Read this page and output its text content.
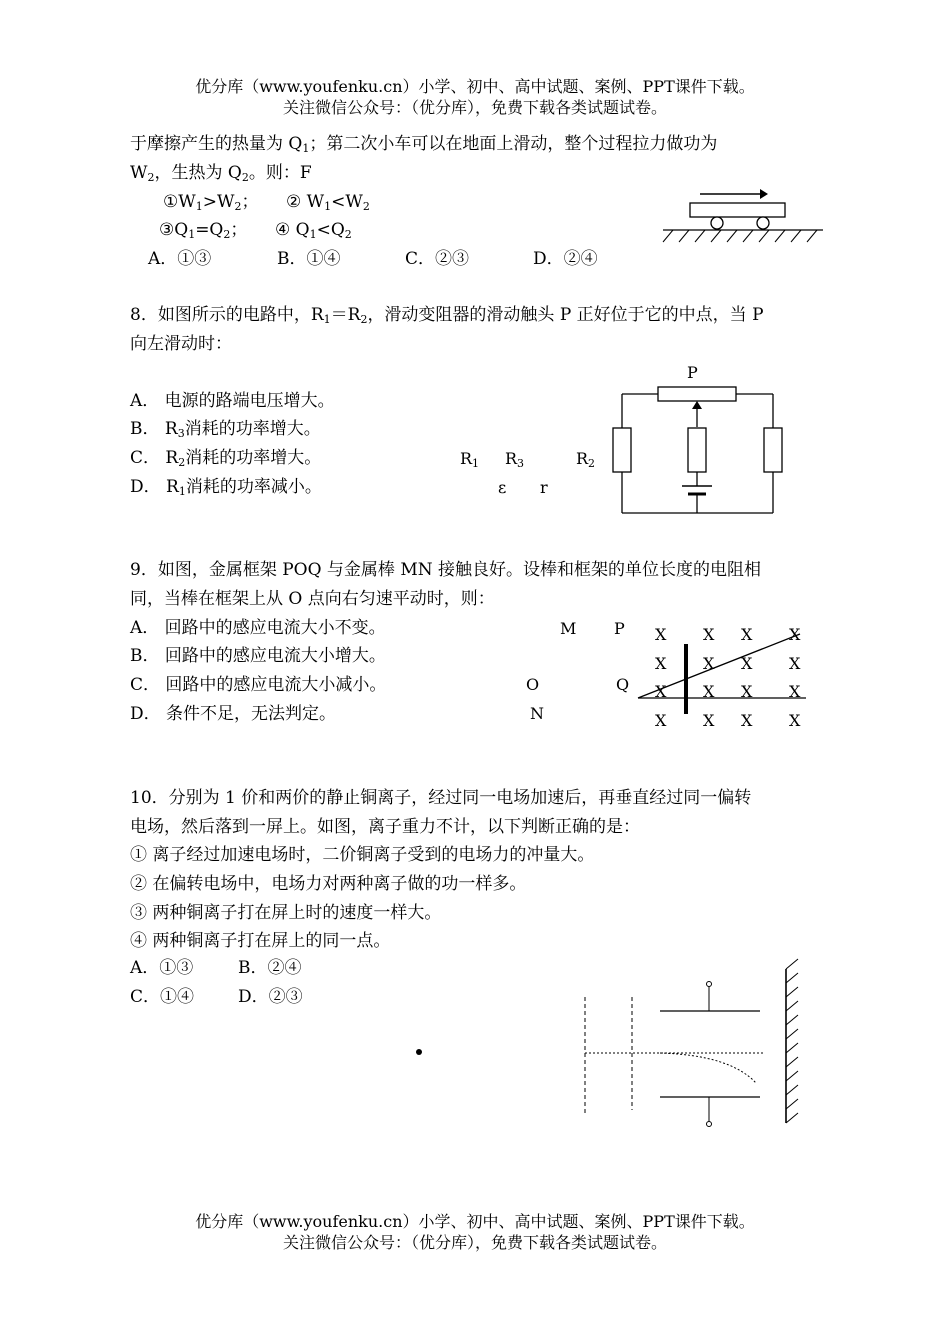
优分库（www.youfenku.cn）小学、初中、高中试题、案例、PPT课件下载。
关注微信公众号：（优分库），免费下载各类试题试卷。
于摩擦产生的热量为 $Q_1$；第二次小车可以在地面上滑动，整个过程拉力做功为
$W_2$，生热为 $Q_2$。则：F
$①W_1>W_2$； ② $W_1<W_2$
$③Q_1=Q_2$； ④ $Q_1<Q_2$
A．①③	B．①④	C．②③	D．②④
8．如图所示的电路中，$R_1=R_2$，滑动变阻器的滑动触头 P 正好位于它的中点，当 P
向左滑动时：
A． 电源的路端电压增大。
B． $R_3$消耗的功率增大。
C． $R_2$消耗的功率增大。
D． $R_1$消耗的功率减小。
P
$R_1$ $R_3$	$R_2$
ε r
9．如图，金属框架 POQ 与金属棒 MN 接触良好。设棒和框架的单位长度的电阻相
同，当棒在框架上从 O 点向右匀速平动时，则：
A． 回路中的感应电流大小不变。
B． 回路中的感应电流大小增大。
C． 回路中的感应电流大小减小。
D． 条件不足，无法判定。
M P
O	Q
N
X X X X
X X X X
X X X X
X X X X
10．分别为 1 价和两价的静止铜离子，经过同一电场加速后，再垂直经过同一偏转
电场，然后落到一屏上。如图，离子重力不计，以下判断正确的是：
① 离子经过加速电场时，二价铜离子受到的电场力的冲量大。
② 在偏转电场中，电场力对两种离子做的功一样多。
③ 两种铜离子打在屏上时的速度一样大。
④ 两种铜离子打在屏上的同一点。
A．①③	B．②④
C．①④	D．②③
优分库（www.youfenku.cn）小学、初中、高中试题、案例、PPT课件下载。
关注微信公众号：（优分库），免费下载各类试题试卷。
